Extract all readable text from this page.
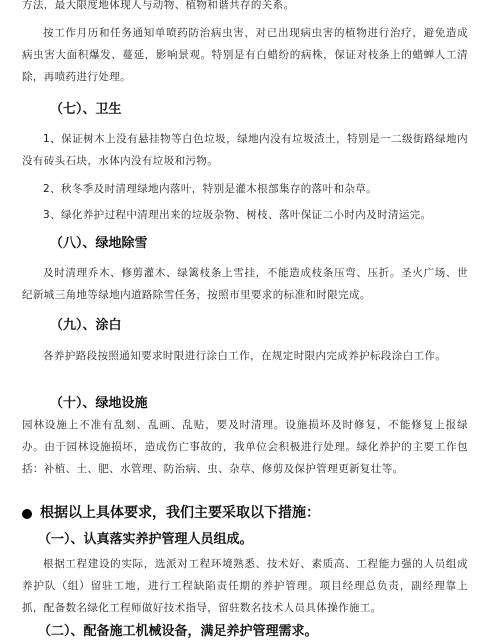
方法，最大限度地体现人与动物、植物和谐共存的关系。

按工作月历和任务通知单喷药防治病虫害，对已出现病虫害的植物进行治疗，避免造成病虫害大面积爆发、蔓延，影响景观。特别是有白蜡纷的病株，保证对枝条上的蜡蝉人工清除，再喷药进行处理。

（七）、卫生

1、保证树木上没有悬挂物等白色垃圾，绿地内没有垃圾渣土，特别是一二级街路绿地内没有砖头石块，水体内没有垃圾和污物。

2、秋冬季及时清理绿地内落叶，特别是灌木根部集存的落叶和杂草。

3、绿化养护过程中清理出来的垃圾杂物、树枝、落叶保证二小时内及时清运完。

（八）、绿地除雪

及时清理乔木、修剪灌木、绿篱枝条上雪挂，不能造成枝条压弯、压折。圣火广场、世纪新城三角地等绿地内道路除雪任务，按照市里要求的标准和时限完成。

（九）、涂白

各养护路段按照通知要求时限进行涂白工作，在规定时限内完成养护标段涂白工作。

（十）、绿地设施

园林设施上不准有乱刻、乱画、乱贴，要及时清理。设施损坏及时修复，不能修复上报绿办。由于园林设施损坏，造成伤亡事故的，我单位会积极进行处理。绿化养护的主要工作包括：补植、土、肥、水管理、防治病、虫、杂草、修剪及保护管理更新复壮等。

根据以上具体要求，我们主要采取以下措施：
（一）、认真落实养护管理人员组成。

根据工程建设的实际，选派对工程环境熟悉、技术好、素质高、工程能力强的人员组成养护队（组）留驻工地，进行工程缺陷责任期的养护管理。项目经理总负责，副经理靠上抓，配备数名绿化工程师做好技术指导，留驻数名技术人员具体操作施工。

（二）、配备施工机械设备，满足养护管理需求。
